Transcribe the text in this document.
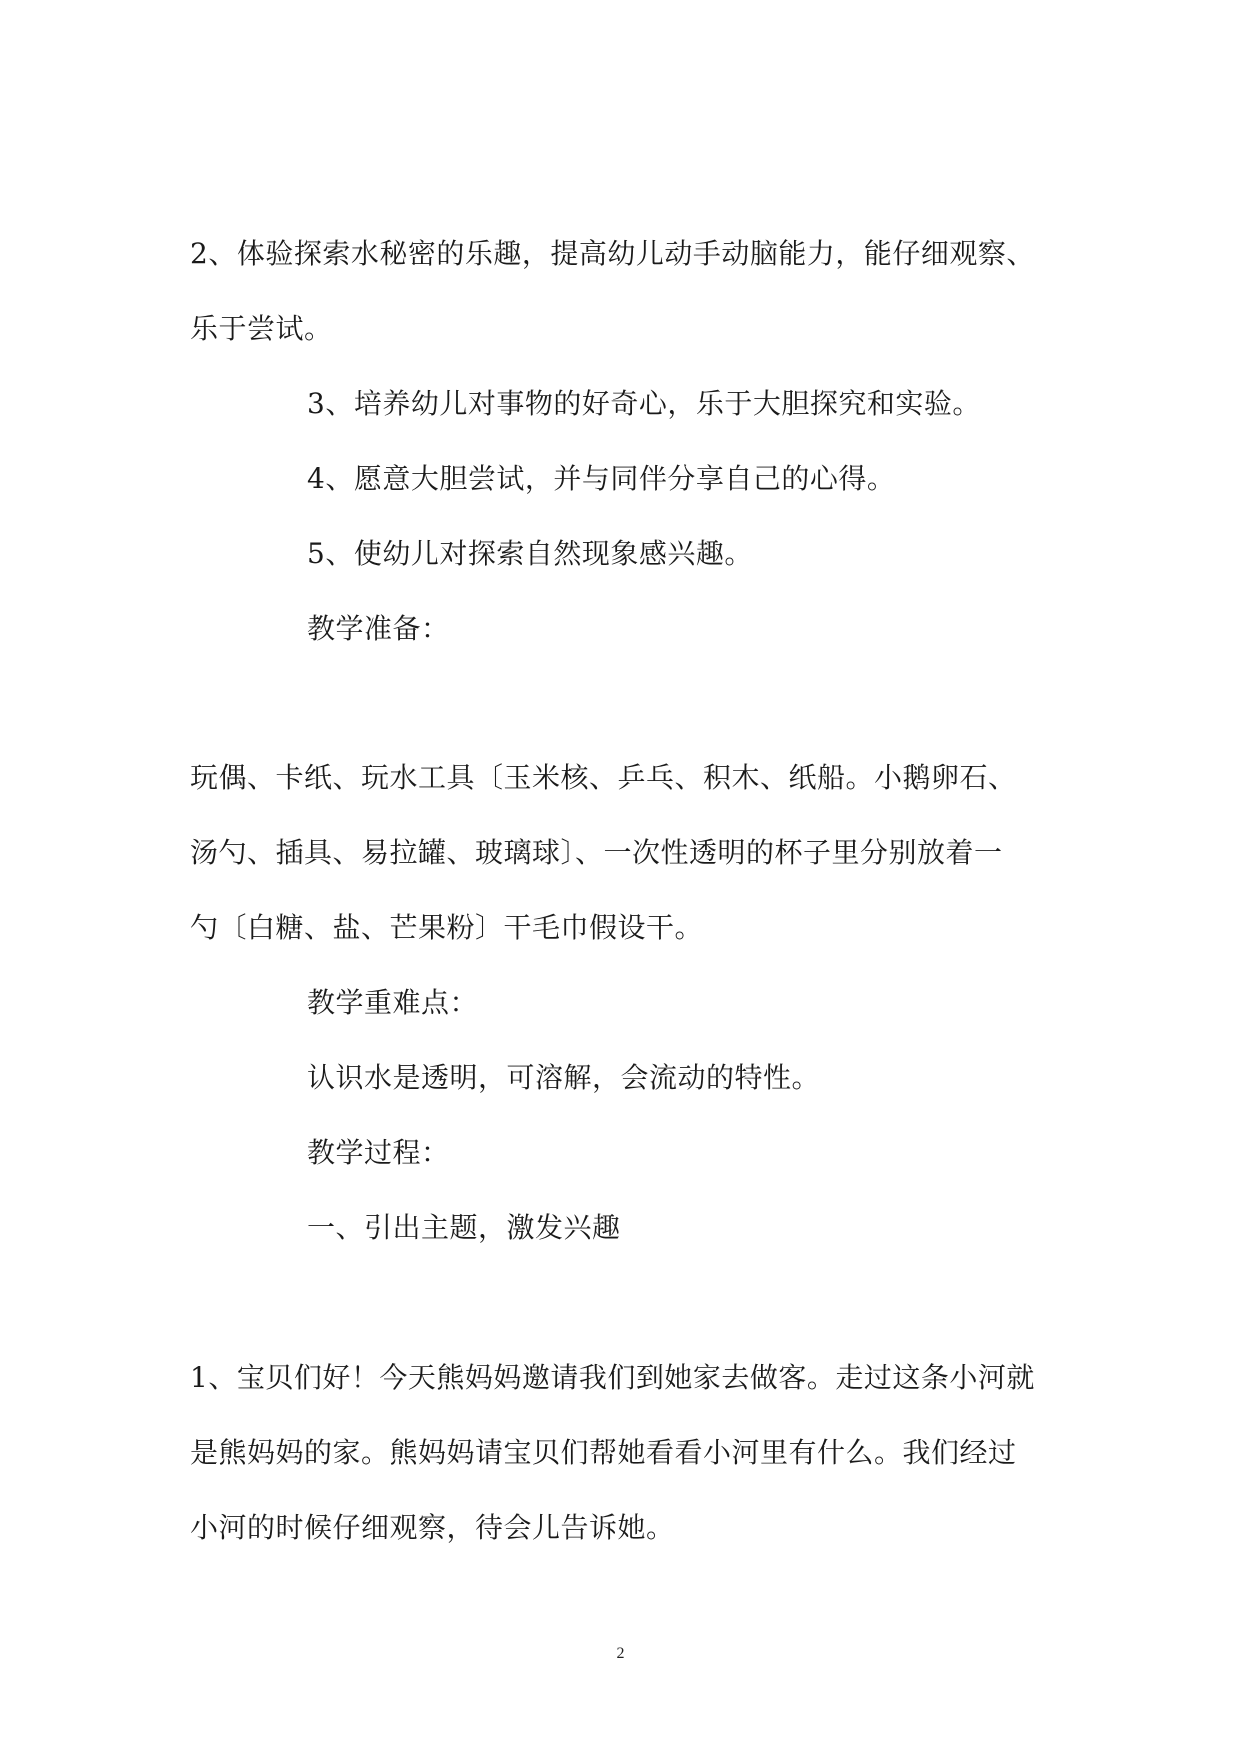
2、体验探索水秘密的乐趣，提高幼儿动手动脑能力，能仔细观察、
乐于尝试。
3、培养幼儿对事物的好奇心，乐于大胆探究和实验。
4、愿意大胆尝试，并与同伴分享自己的心得。
5、使幼儿对探索自然现象感兴趣。
教学准备：
玩偶、卡纸、玩水工具〔玉米核、乒乓、积木、纸船。小鹅卵石、
汤勺、插具、易拉罐、玻璃球〕、一次性透明的杯子里分别放着一
勺〔白糖、盐、芒果粉〕干毛巾假设干。
教学重难点：
认识水是透明，可溶解，会流动的特性。
教学过程：
一、引出主题，激发兴趣
1、宝贝们好！今天熊妈妈邀请我们到她家去做客。走过这条小河就
是熊妈妈的家。熊妈妈请宝贝们帮她看看小河里有什么。我们经过
小河的时候仔细观察，待会儿告诉她。
2
